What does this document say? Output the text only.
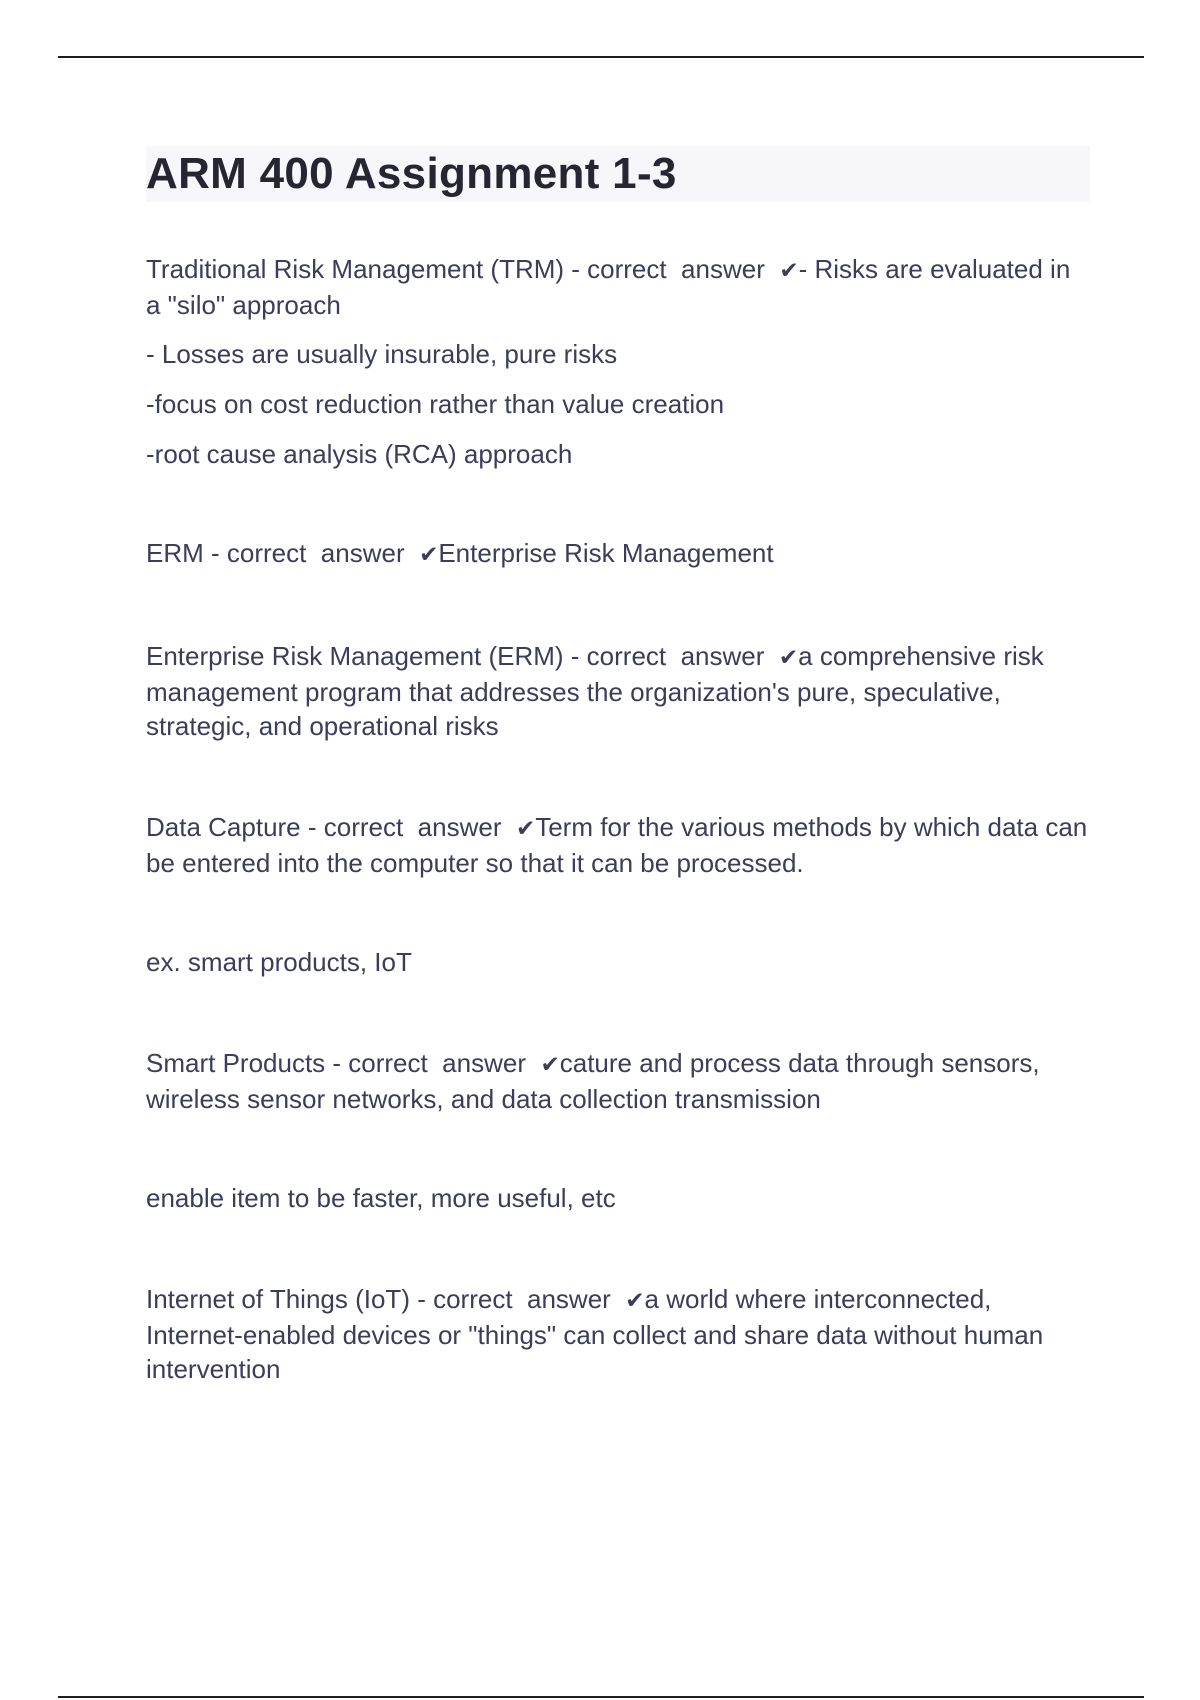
ARM 400 Assignment 1-3

Traditional Risk Management (TRM) - correct  answer  ✔- Risks are evaluated in a "silo" approach

- Losses are usually insurable, pure risks

-focus on cost reduction rather than value creation

-root cause analysis (RCA) approach

ERM - correct  answer  ✔Enterprise Risk Management

Enterprise Risk Management (ERM) - correct  answer  ✔a comprehensive risk management program that addresses the organization's pure, speculative, strategic, and operational risks

Data Capture - correct  answer  ✔Term for the various methods by which data can be entered into the computer so that it can be processed.

ex. smart products, IoT

Smart Products - correct  answer  ✔cature and process data through sensors, wireless sensor networks, and data collection transmission

enable item to be faster, more useful, etc

Internet of Things (IoT) - correct  answer  ✔a world where interconnected, Internet-enabled devices or "things" can collect and share data without human intervention
